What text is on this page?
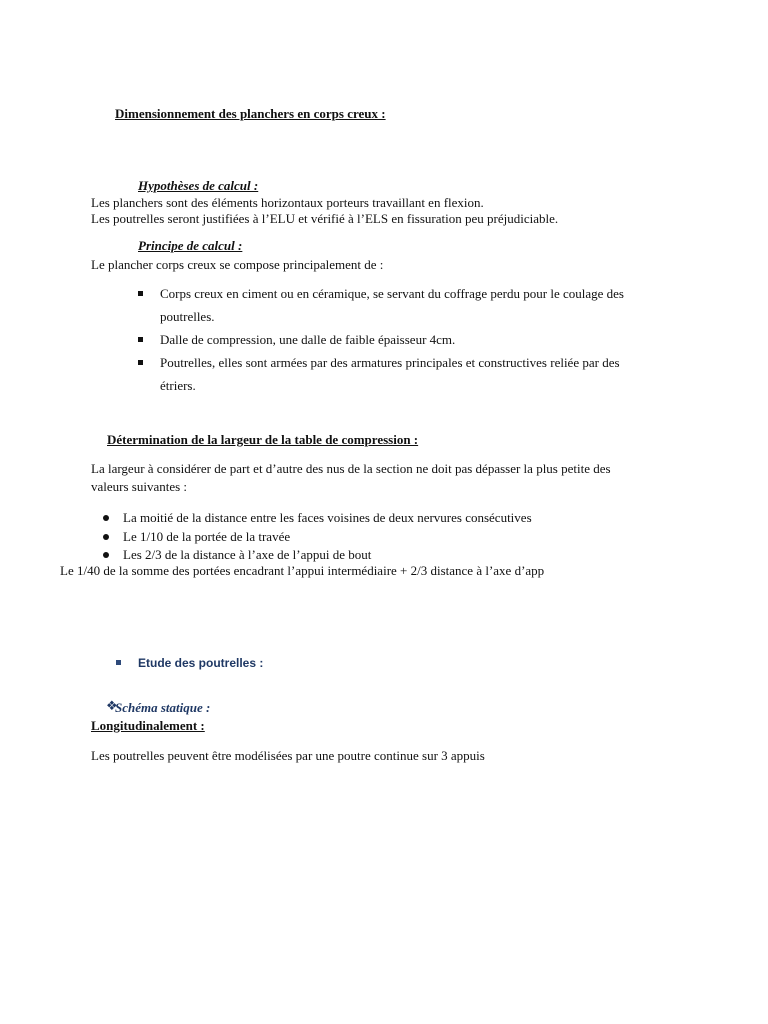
Dimensionnement des planchers en corps creux :
Hypothèses de calcul :
Les planchers sont des éléments horizontaux porteurs travaillant en flexion.
Les poutrelles seront justifiées à l’ELU et vérifié à l’ELS en fissuration peu préjudiciable.
Principe de calcul :
Le plancher corps creux se compose principalement de :
Corps creux en ciment ou en céramique, se servant du coffrage perdu pour le coulage des
poutrelles.
Dalle de compression, une dalle de faible épaisseur 4cm.
Poutrelles, elles sont armées par des armatures principales et constructives reliée par des
étriers.
Détermination de la largeur de la table de compression :
La largeur à considérer de part et d’autre des nus de la section ne doit pas dépasser la plus petite des
valeurs suivantes :
La moitié de la distance entre les faces voisines de deux nervures consécutives
Le 1/10 de la portée de la travée
Les 2/3 de la distance à l’axe de l’appui de bout
Le 1/40 de la somme des portées encadrant l’appui intermédiaire + 2/3 distance à l’axe d’app
Etude des poutrelles :
❖
Schéma statique :
Longitudinalement :
Les poutrelles peuvent être modélisées par une poutre continue sur 3 appuis
